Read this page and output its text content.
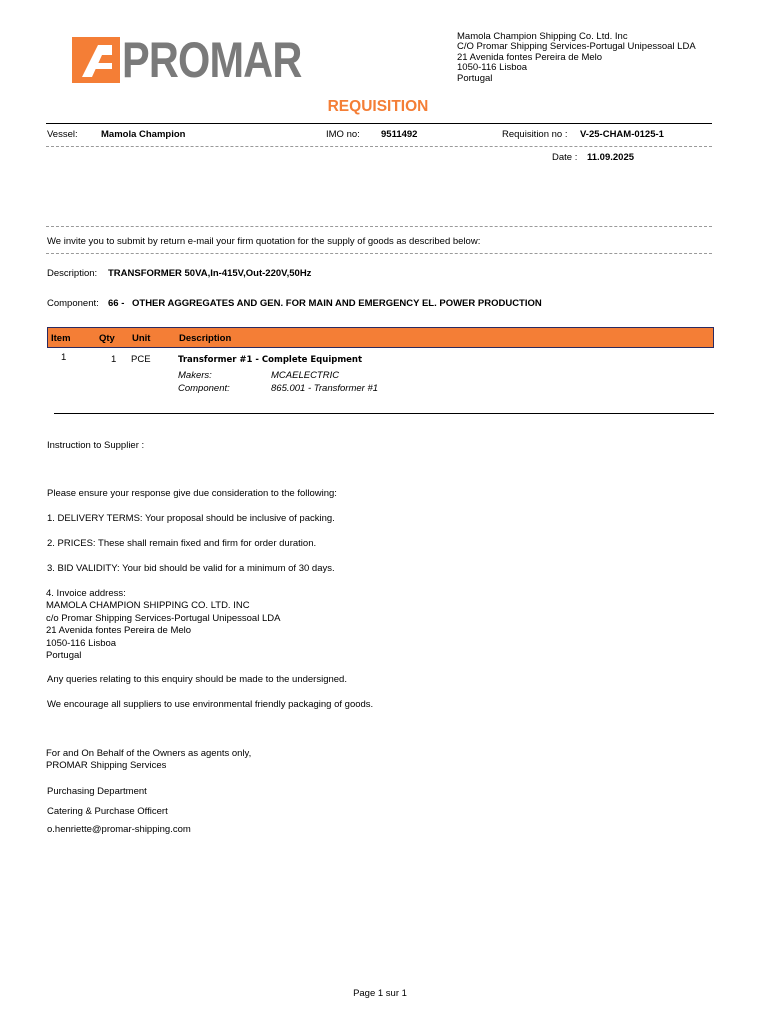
PROMAR	Mamola Champion Shipping Co. Ltd. Inc
C/O Promar Shipping Services-Portugal Unipessoal LDA
21 Avenida fontes Pereira de Melo
1050-116 Lisboa
Portugal
REQUISITION
Vessel: Mamola Champion	IMO no: 9511492	Requisition no : V-25-CHAM-0125-1
Date : 11.09.2025
We invite you to submit by return e-mail your firm quotation for the supply of goods as described below:
Description: TRANSFORMER 50VA,In-415V,Out-220V,50Hz
Component: 66 - OTHER AGGREGATES AND GEN. FOR MAIN AND EMERGENCY EL. POWER PRODUCTION
Item	Qty Unit	Description
1	1 PCE	Transformer #1 - Complete Equipment
Makers:	MCAELECTRIC
Component:	865.001 - Transformer #1
Instruction to Supplier :
Please ensure your response give due consideration to the following:
1. DELIVERY TERMS: Your proposal should be inclusive of packing.
2. PRICES: These shall remain fixed and firm for order duration.
3. BID VALIDITY: Your bid should be valid for a minimum of 30 days.
4. Invoice address:
MAMOLA CHAMPION SHIPPING CO. LTD. INC
c/o Promar Shipping Services-Portugal Unipessoal LDA
21 Avenida fontes Pereira de Melo
1050-116 Lisboa
Portugal
Any queries relating to this enquiry should be made to the undersigned.
We encourage all suppliers to use environmental friendly packaging of goods.
For and On Behalf of the Owners as agents only,
PROMAR Shipping Services
Purchasing Department
Catering & Purchase Officert
o.henriette@promar-shipping.com
Page 1 sur 1
